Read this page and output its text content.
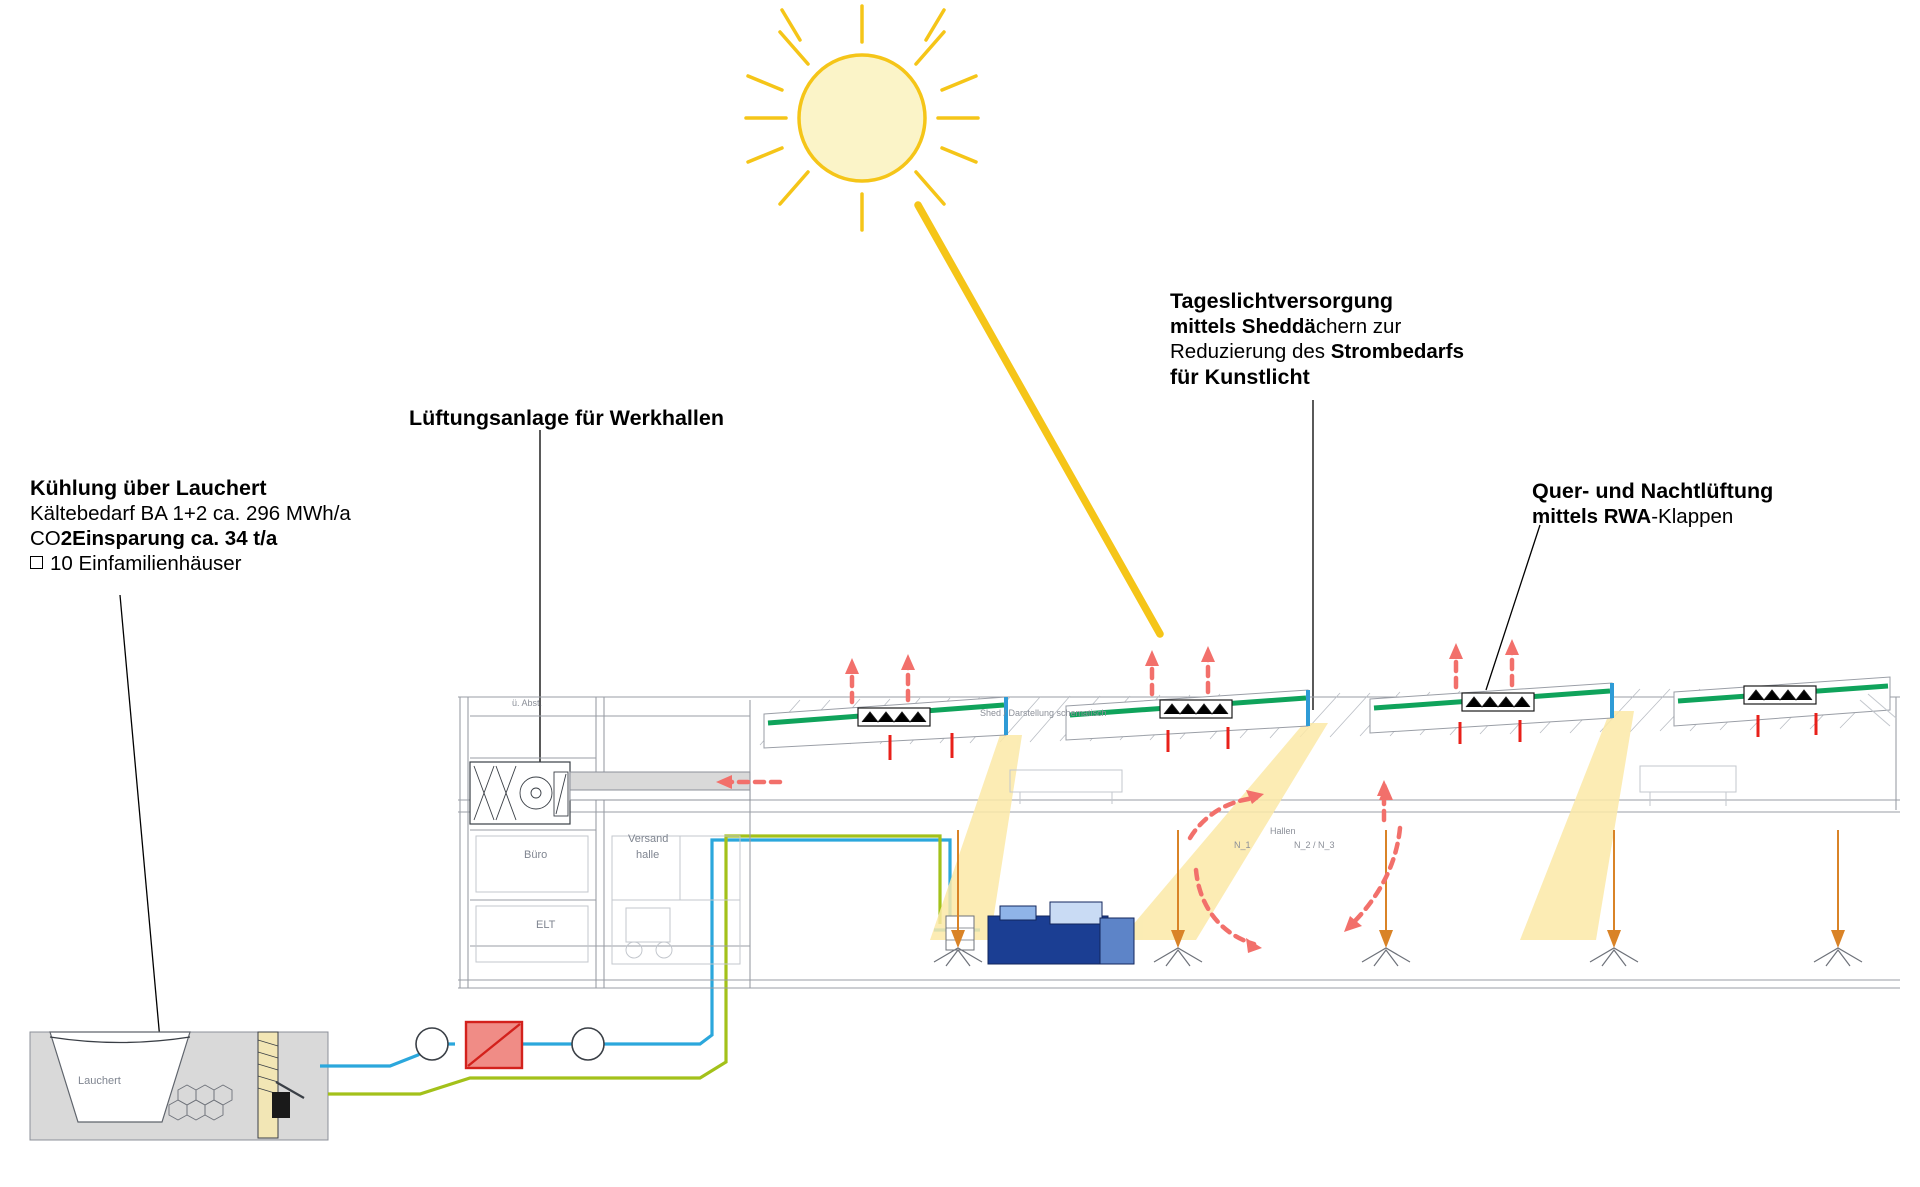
Lauchert
Büro
ELT
Versand
halle
ü. Abst.
Shed / Darstellung schematisch
Hallen
N_1	N_2 / N_3
Kühlung über Lauchert
Kältebedarf BA 1+2 ca. 296 MWh/a
CO2Einsparung ca. 34 t/a
10 Einfamilienhäuser
Lüftungsanlage für Werkhallen
Tageslichtversorgung
mittels Sheddächern zur
Reduzierung des Strombedarfs
für Kunstlicht
Quer- und Nachtlüftung
mittels RWA-Klappen
